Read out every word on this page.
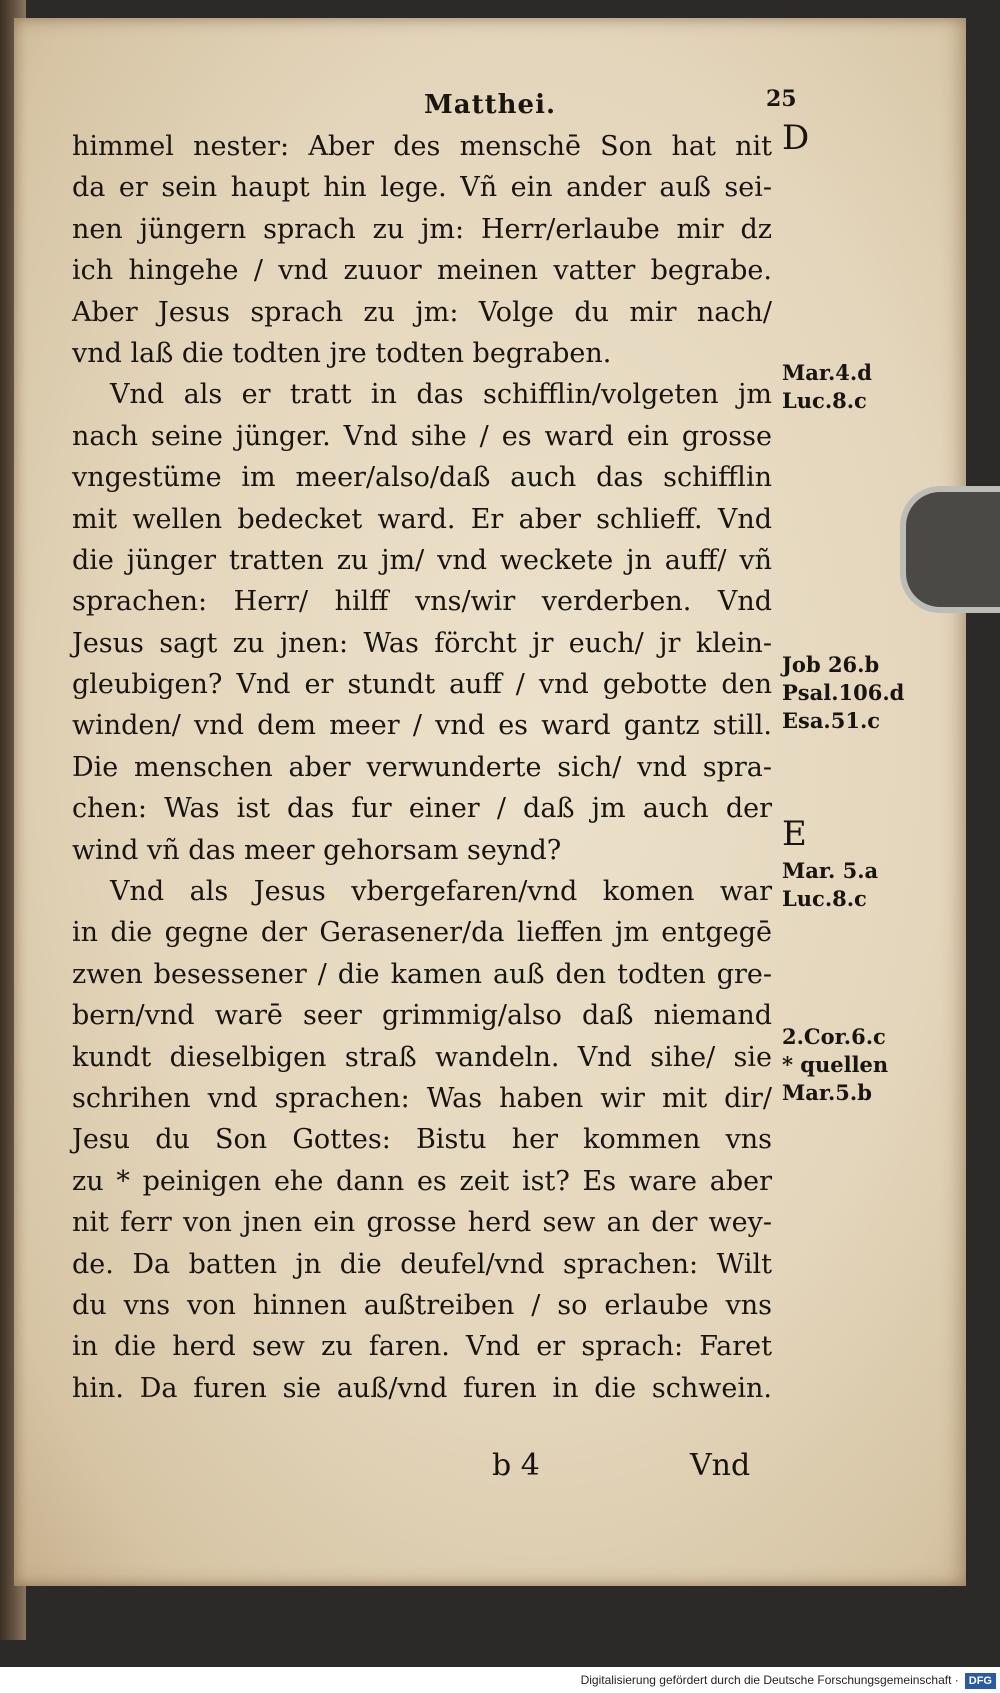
Matthei.	25
himmel nester: Aber des menschē Son hat nit
da er sein haupt hin lege. Vñ ein ander auß sei-
nen jüngern sprach zu jm: Herr/erlaube mir dz
ich hingehe / vnd zuuor meinen vatter begrabe.
Aber Jesus sprach zu jm: Volge du mir nach/
vnd laß die todten jre todten begraben.
Vnd als er tratt in das schifflin/volgeten jm
nach seine jünger. Vnd sihe / es ward ein grosse
vngestüme im meer/also/daß auch das schifflin
mit wellen bedecket ward. Er aber schlieff. Vnd
die jünger tratten zu jm/ vnd weckete jn auff/ vñ
sprachen: Herr/ hilff vns/wir verderben. Vnd
Jesus sagt zu jnen: Was förcht jr euch/ jr klein-
gleubigen? Vnd er stundt auff / vnd gebotte den
winden/ vnd dem meer / vnd es ward gantz still.
Die menschen aber verwunderte sich/ vnd spra-
chen: Was ist das fur einer / daß jm auch der
wind vñ das meer gehorsam seynd?
Vnd als Jesus vbergefaren/vnd komen war
in die gegne der Gerasener/da lieffen jm entgegē
zwen besessener / die kamen auß den todten gre-
bern/vnd warē seer grimmig/also daß niemand
kundt dieselbigen straß wandeln. Vnd sihe/ sie
schrihen vnd sprachen: Was haben wir mit dir/
Jesu du Son Gottes: Bistu her kommen vns
zu * peinigen ehe dann es zeit ist? Es ware aber
nit ferr von jnen ein grosse herd sew an der wey-
de. Da batten jn die deufel/vnd sprachen: Wilt
du vns von hinnen außtreiben / so erlaube vns
in die herd sew zu faren. Vnd er sprach: Faret
hin. Da furen sie auß/vnd furen in die schwein.
D
E
Mar.4.d
Luc.8.c
Job 26.b
Psal.106.d
Esa.51.c
Mar. 5.a
Luc.8.c
2.Cor.6.c
* quellen
Mar.5.b
b 4	Vnd
Digitalisierung gefördert durch die Deutsche Forschungsgemeinschaft · DFG
